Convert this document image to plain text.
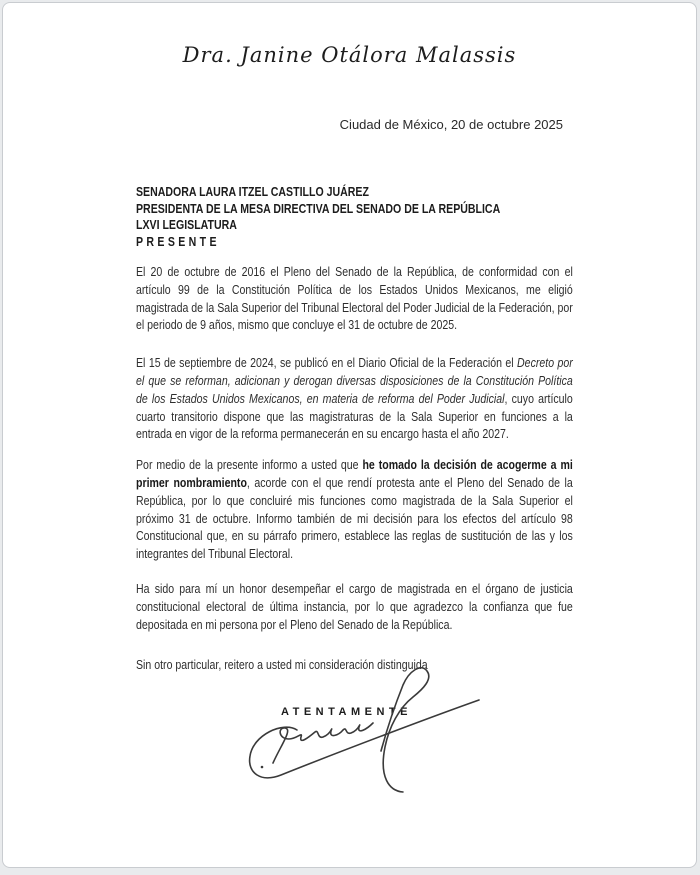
Dra. Janine Otálora Malassis
Ciudad de México, 20 de octubre 2025
SENADORA LAURA ITZEL CASTILLO JUÁREZ
PRESIDENTA DE LA MESA DIRECTIVA DEL SENADO DE LA REPÚBLICA
LXVI LEGISLATURA
PRESENTE

El 20 de octubre de 2016 el Pleno del Senado de la República, de conformidad con el artículo 99 de la Constitución Política de los Estados Unidos Mexicanos, me eligió magistrada de la Sala Superior del Tribunal Electoral del Poder Judicial de la Federación, por el periodo de 9 años, mismo que concluye el 31 de octubre de 2025.

El 15 de septiembre de 2024, se publicó en el Diario Oficial de la Federación el Decreto por el que se reforman, adicionan y derogan diversas disposiciones de la Constitución Política de los Estados Unidos Mexicanos, en materia de reforma del Poder Judicial, cuyo artículo cuarto transitorio dispone que las magistraturas de la Sala Superior en funciones a la entrada en vigor de la reforma permanecerán en su encargo hasta el año 2027.

Por medio de la presente informo a usted que he tomado la decisión de acogerme a mi primer nombramiento, acorde con el que rendí protesta ante el Pleno del Senado de la República, por lo que concluiré mis funciones como magistrada de la Sala Superior el próximo 31 de octubre. Informo también de mi decisión para los efectos del artículo 98 Constitucional que, en su párrafo primero, establece las reglas de sustitución de las y los integrantes del Tribunal Electoral.

Ha sido para mí un honor desempeñar el cargo de magistrada en el órgano de justicia constitucional electoral de última instancia, por lo que agradezco la confianza que fue depositada en mi persona por el Pleno del Senado de la República.

Sin otro particular, reitero a usted mi consideración distinguida

ATENTAMENTE
